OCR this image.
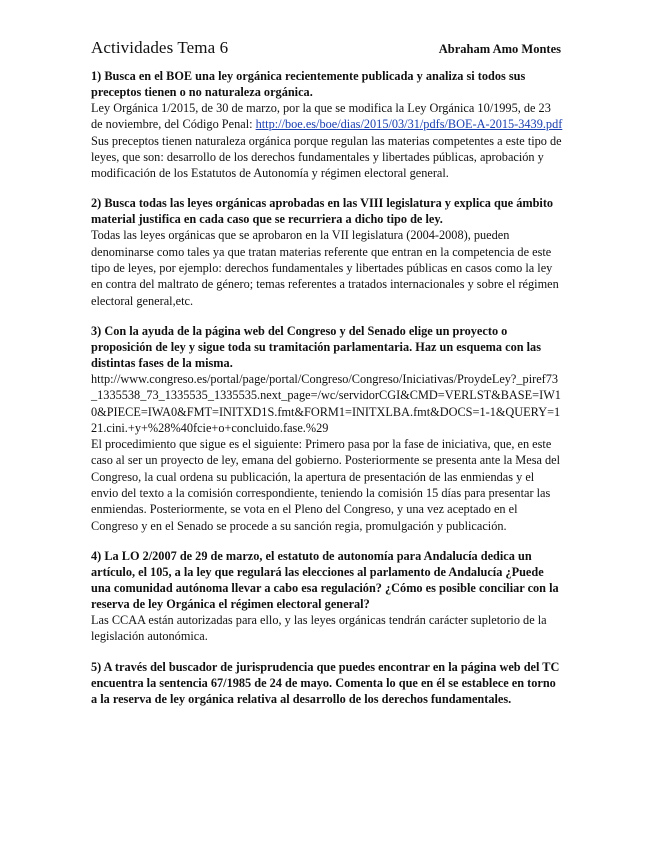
Actividades Tema 6	Abraham Amo Montes

1) Busca en el BOE una ley orgánica recientemente publicada y analiza si todos sus preceptos tienen o no naturaleza orgánica.

Ley Orgánica 1/2015, de 30 de marzo, por la que se modifica la Ley Orgánica 10/1995, de 23 de noviembre, del Código Penal: http://boe.es/boe/dias/2015/03/31/pdfs/BOE-A-2015-3439.pdf

Sus preceptos tienen naturaleza orgánica porque regulan las materias competentes a este tipo de leyes, que son: desarrollo de los derechos fundamentales y libertades públicas, aprobación y modificación de los Estatutos de Autonomía y régimen electoral general.

2) Busca todas las leyes orgánicas aprobadas en las VIII legislatura y explica que ámbito material justifica en cada caso que se recurriera a dicho tipo de ley.

Todas las leyes orgánicas que se aprobaron en la VII legislatura (2004-2008), pueden denominarse como tales ya que tratan materias referente que entran en la competencia de este tipo de leyes, por ejemplo: derechos fundamentales y libertades públicas en casos como la ley en contra del maltrato de género; temas referentes a tratados internacionales y sobre el régimen electoral general,etc.

3) Con la ayuda de la página web del Congreso y del Senado elige un proyecto o proposición de ley y sigue toda su tramitación parlamentaria. Haz un esquema con las distintas fases de la misma.

http://www.congreso.es/portal/page/portal/Congreso/Congreso/Iniciativas/ProydeLey?_piref73_1335538_73_1335535_1335535.next_page=/wc/servidorCGI&CMD=VERLST&BASE=IW10&PIECE=IWA0&FMT=INITXD1S.fmt&FORM1=INITXLBA.fmt&DOCS=1-1&QUERY=121.cini.+y+%28%40fcie+o+concluido.fase.%29

El procedimiento que sigue es el siguiente: Primero pasa por la fase de iniciativa, que, en este caso al ser un proyecto de ley, emana del gobierno. Posteriormente se presenta ante la Mesa del Congreso, la cual ordena su publicación, la apertura de presentación de las enmiendas y el envio del texto a la comisión correspondiente, teniendo la comisión 15 días para presentar las enmiendas. Posteriormente, se vota en el Pleno del Congreso, y una vez aceptado en el Congreso y en el Senado se procede a su sanción regia, promulgación y publicación.

4) La LO 2/2007 de 29 de marzo, el estatuto de autonomía para Andalucía dedica un artículo, el 105, a la ley que regulará las elecciones al parlamento de Andalucía ¿Puede una comunidad autónoma llevar a cabo esa regulación? ¿Cómo es posible conciliar con la reserva de ley Orgánica el régimen electoral general?

Las CCAA están autorizadas para ello, y las leyes orgánicas tendrán carácter supletorio de la legislación autonómica.

5) A través del buscador de jurisprudencia que puedes encontrar en la página web del TC encuentra la sentencia 67/1985 de 24 de mayo. Comenta lo que en él se establece en torno a la reserva de ley orgánica relativa al desarrollo de los derechos fundamentales.
